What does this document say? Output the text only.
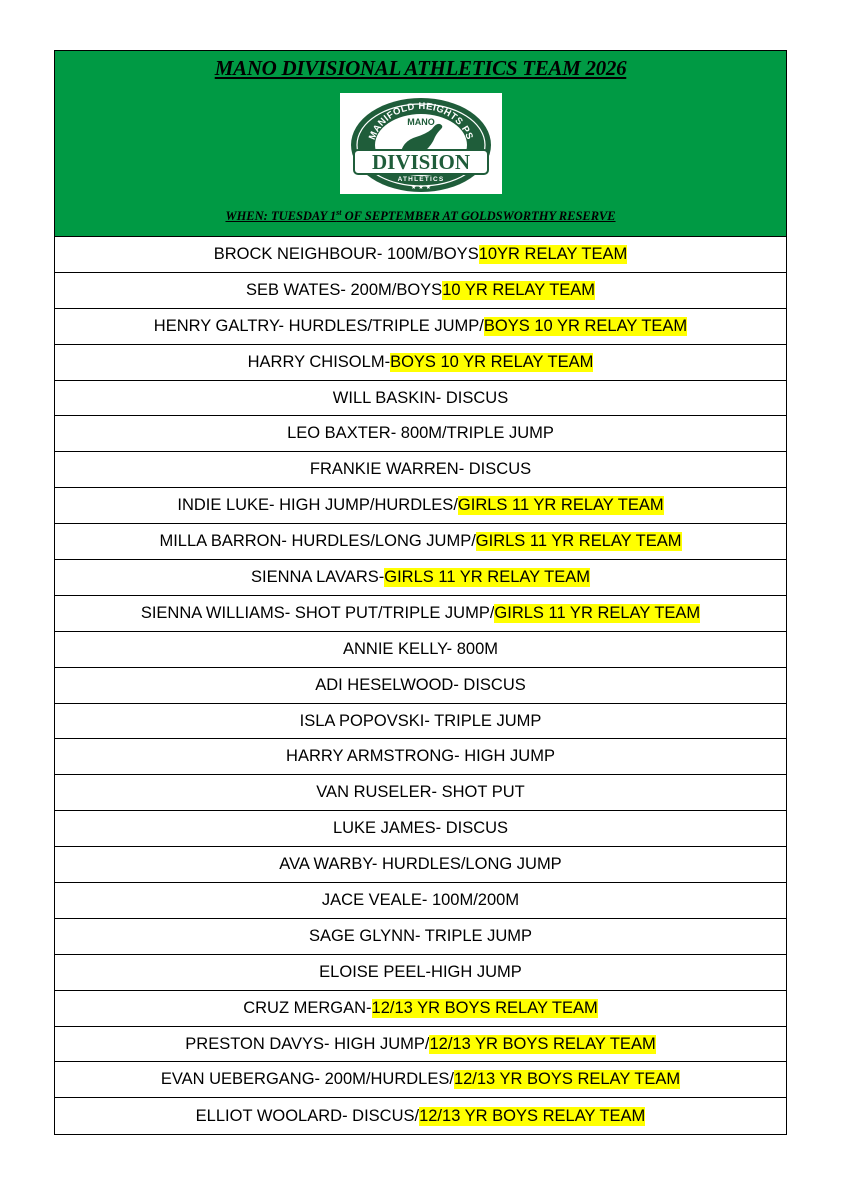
MANO DIVISIONAL ATHLETICS TEAM 2026
MANIFOLD HEIGHTS PS
MANO
DIVISION
ATHLETICS
★ ★ ★
WHEN: TUESDAY 1st OF SEPTEMBER AT GOLDSWORTHY RESERVE
BROCK NEIGHBOUR- 100M/BOYS 10YR RELAY TEAM
SEB WATES- 200M/BOYS 10 YR RELAY TEAM
HENRY GALTRY- HURDLES/TRIPLE JUMP/ BOYS 10 YR RELAY TEAM
HARRY CHISOLM- BOYS 10 YR RELAY TEAM
WILL BASKIN- DISCUS
LEO BAXTER- 800M/TRIPLE JUMP
FRANKIE WARREN- DISCUS
INDIE LUKE- HIGH JUMP/HURDLES/ GIRLS 11 YR RELAY TEAM
MILLA BARRON- HURDLES/LONG JUMP/ GIRLS 11 YR RELAY TEAM
SIENNA LAVARS- GIRLS 11 YR RELAY TEAM
SIENNA WILLIAMS- SHOT PUT/TRIPLE JUMP/ GIRLS 11 YR RELAY TEAM
ANNIE KELLY- 800M
ADI HESELWOOD- DISCUS
ISLA POPOVSKI- TRIPLE JUMP
HARRY ARMSTRONG- HIGH JUMP
VAN RUSELER- SHOT PUT
LUKE JAMES- DISCUS
AVA WARBY- HURDLES/LONG JUMP
JACE VEALE- 100M/200M
SAGE GLYNN- TRIPLE JUMP
ELOISE PEEL-HIGH JUMP
CRUZ MERGAN- 12/13 YR BOYS RELAY TEAM
PRESTON DAVYS- HIGH JUMP/ 12/13 YR BOYS RELAY TEAM
EVAN UEBERGANG- 200M/HURDLES/ 12/13 YR BOYS RELAY TEAM
ELLIOT WOOLARD- DISCUS/ 12/13 YR BOYS RELAY TEAM
